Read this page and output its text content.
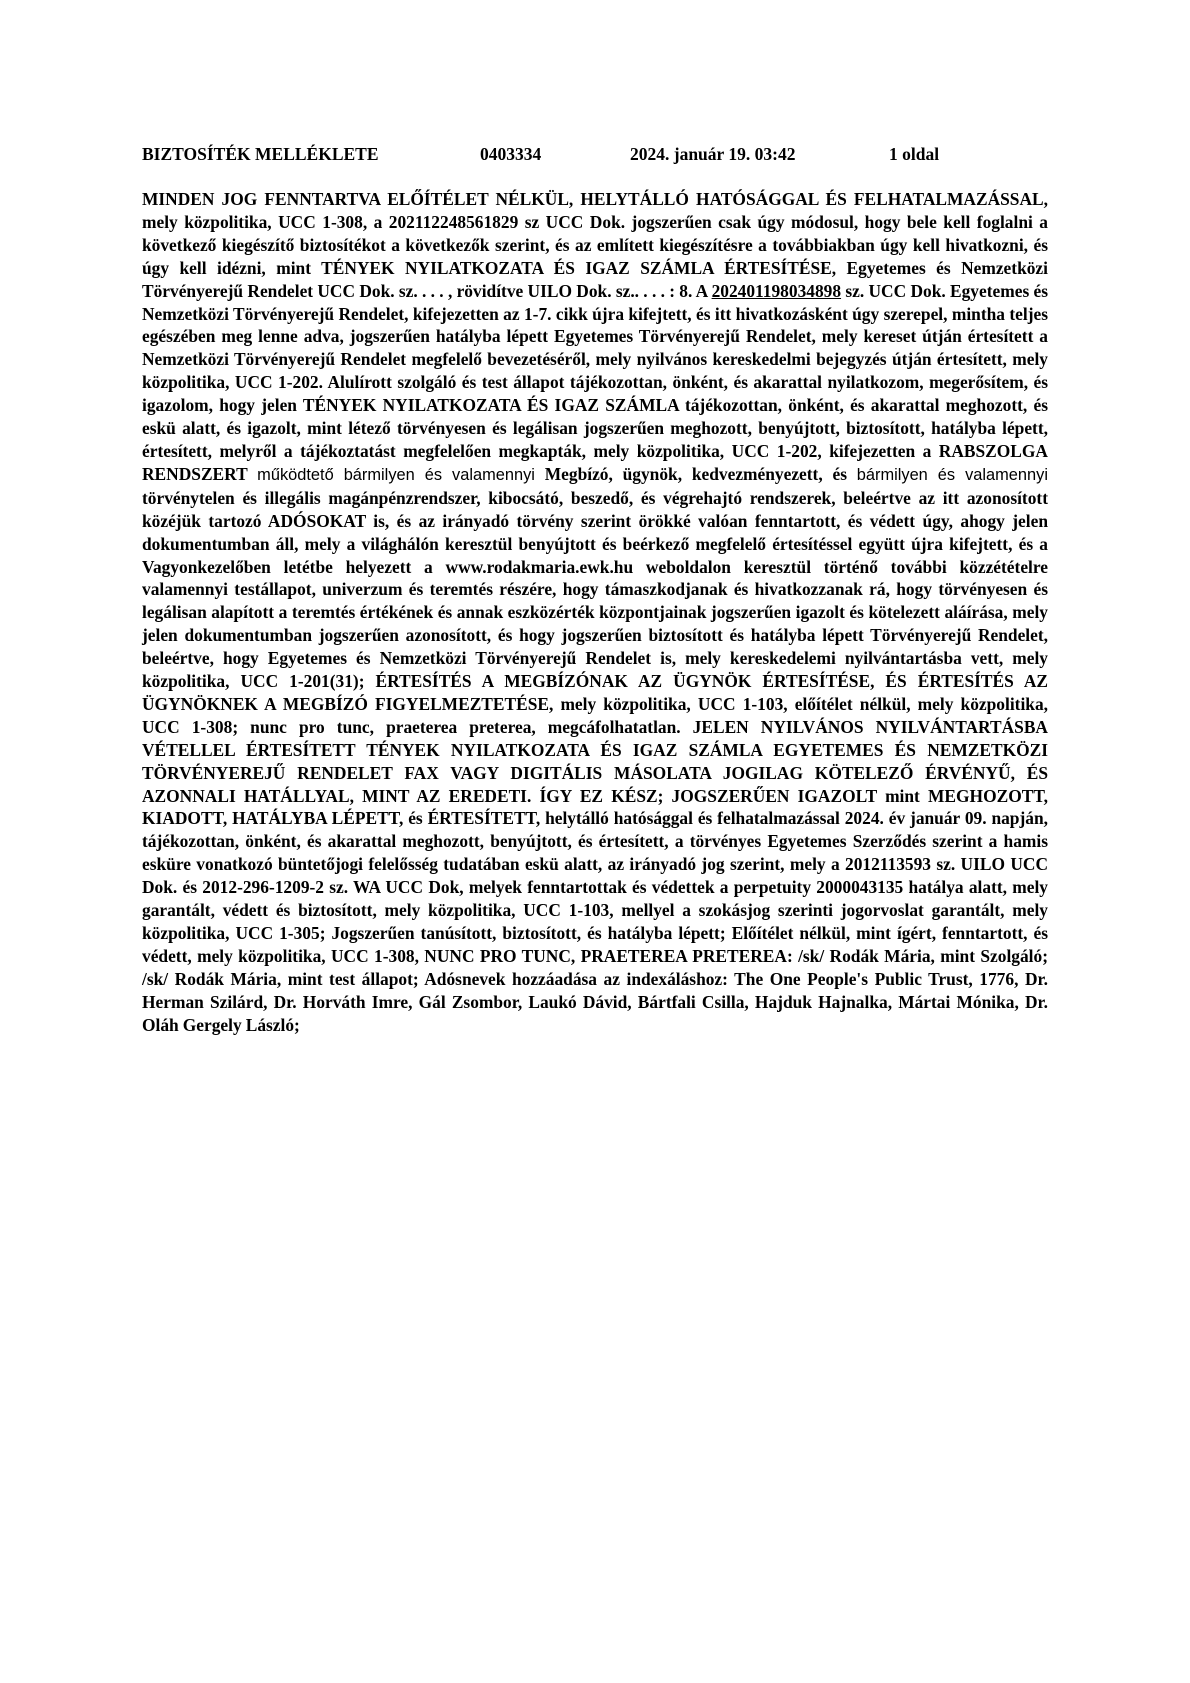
BIZTOSÍTÉK MELLÉKLETE	0403334	2024. január 19. 03:42	1 oldal
MINDEN JOG FENNTARTVA ELŐÍTÉLET NÉLKÜL, HELYTÁLLÓ HATÓSÁGGAL ÉS FELHATALMAZÁSSAL, mely közpolitika, UCC 1-308, a 202112248561829 sz UCC Dok. jogszerűen csak úgy módosul, hogy bele kell foglalni a következő kiegészítő biztosítékot a következők szerint, és az említett kiegészítésre a továbbiakban úgy kell hivatkozni, és úgy kell idézni, mint TÉNYEK NYILATKOZATA ÉS IGAZ SZÁMLA ÉRTESÍTÉSE, Egyetemes és Nemzetközi Törvényerejű Rendelet UCC Dok. sz. . . . , rövidítve UILO Dok. sz.. . . . : 8. A 202401198034898 sz. UCC Dok. Egyetemes és Nemzetközi Törvényerejű Rendelet, kifejezetten az 1-7. cikk újra kifejtett, és itt hivatkozásként úgy szerepel, mintha teljes egészében meg lenne adva, jogszerűen hatályba lépett Egyetemes Törvényerejű Rendelet, mely kereset útján értesített a Nemzetközi Törvényerejű Rendelet megfelelő bevezetéséről, mely nyilvános kereskedelmi bejegyzés útján értesített, mely közpolitika, UCC 1-202. Alulírott szolgáló és test állapot tájékozottan, önként, és akarattal nyilatkozom, megerősítem, és igazolom, hogy jelen TÉNYEK NYILATKOZATA ÉS IGAZ SZÁMLA tájékozottan, önként, és akarattal meghozott, és eskü alatt, és igazolt, mint létező törvényesen és legálisan jogszerűen meghozott, benyújtott, biztosított, hatályba lépett, értesített, melyről a tájékoztatást megfelelően megkapták, mely közpolitika, UCC 1-202, kifejezetten a RABSZOLGA RENDSZERT működtető bármilyen és valamennyi Megbízó, ügynök, kedvezményezett, és bármilyen és valamennyi törvénytelen és illegális magánpénzrendszer, kibocsátó, beszedő, és végrehajtó rendszerek, beleértve az itt azonosított közéjük tartozó ADÓSOKAT is, és az irányadó törvény szerint örökké valóan fenntartott, és védett úgy, ahogy jelen dokumentumban áll, mely a világhálón keresztül benyújtott és beérkező megfelelő értesítéssel együtt újra kifejtett, és a Vagyonkezelőben letétbe helyezett a www.rodakmaria.ewk.hu weboldalon keresztül történő további közzétételre valamennyi testállapot, univerzum és teremtés részére, hogy támaszkodjanak és hivatkozzanak rá, hogy törvényesen és legálisan alapított a teremtés értékének és annak eszközérték központjainak jogszerűen igazolt és kötelezett aláírása, mely jelen dokumentumban jogszerűen azonosított, és hogy jogszerűen biztosított és hatályba lépett Törvényerejű Rendelet, beleértve, hogy Egyetemes és Nemzetközi Törvényerejű Rendelet is, mely kereskedelemi nyilvántartásba vett, mely közpolitika, UCC 1-201(31); ÉRTESÍTÉS A MEGBÍZÓNAK AZ ÜGYNÖK ÉRTESÍTÉSE, ÉS ÉRTESÍTÉS AZ ÜGYNÖKNEK A MEGBÍZÓ FIGYELMEZTETÉSE, mely közpolitika, UCC 1-103, előítélet nélkül, mely közpolitika, UCC 1-308; nunc pro tunc, praeterea preterea, megcáfolhatatlan. JELEN NYILVÁNOS NYILVÁNTARTÁSBA VÉTELLEL ÉRTESÍTETT TÉNYEK NYILATKOZATA ÉS IGAZ SZÁMLA EGYETEMES ÉS NEMZETKÖZI TÖRVÉNYEREJŰ RENDELET FAX VAGY DIGITÁLIS MÁSOLATA JOGILAG KÖTELEZŐ ÉRVÉNYŰ, ÉS AZONNALI HATÁLLYAL, MINT AZ EREDETI. ÍGY EZ KÉSZ; JOGSZERŰEN IGAZOLT mint MEGHOZOTT, KIADOTT, HATÁLYBA LÉPETT, és ÉRTESÍTETT, helytálló hatósággal és felhatalmazással 2024. év január 09. napján, tájékozottan, önként, és akarattal meghozott, benyújtott, és értesített, a törvényes Egyetemes Szerződés szerint a hamis esküre vonatkozó büntetőjogi felelősség tudatában eskü alatt, az irányadó jog szerint, mely a 2012113593 sz. UILO UCC Dok. és 2012-296-1209-2 sz. WA UCC Dok, melyek fenntartottak és védettek a perpetuity 2000043135 hatálya alatt, mely garantált, védett és biztosított, mely közpolitika, UCC 1-103, mellyel a szokásjog szerinti jogorvoslat garantált, mely közpolitika, UCC 1-305; Jogszerűen tanúsított, biztosított, és hatályba lépett; Előítélet nélkül, mint ígért, fenntartott, és védett, mely közpolitika, UCC 1-308, NUNC PRO TUNC, PRAETEREA PRETEREA: /sk/ Rodák Mária, mint Szolgáló; /sk/ Rodák Mária, mint test állapot; Adósnevek hozzáadása az indexáláshoz: The One People's Public Trust, 1776, Dr. Herman Szilárd, Dr. Horváth Imre, Gál Zsombor, Laukó Dávid, Bártfali Csilla, Hajduk Hajnalka, Mártai Mónika, Dr. Oláh Gergely László;
